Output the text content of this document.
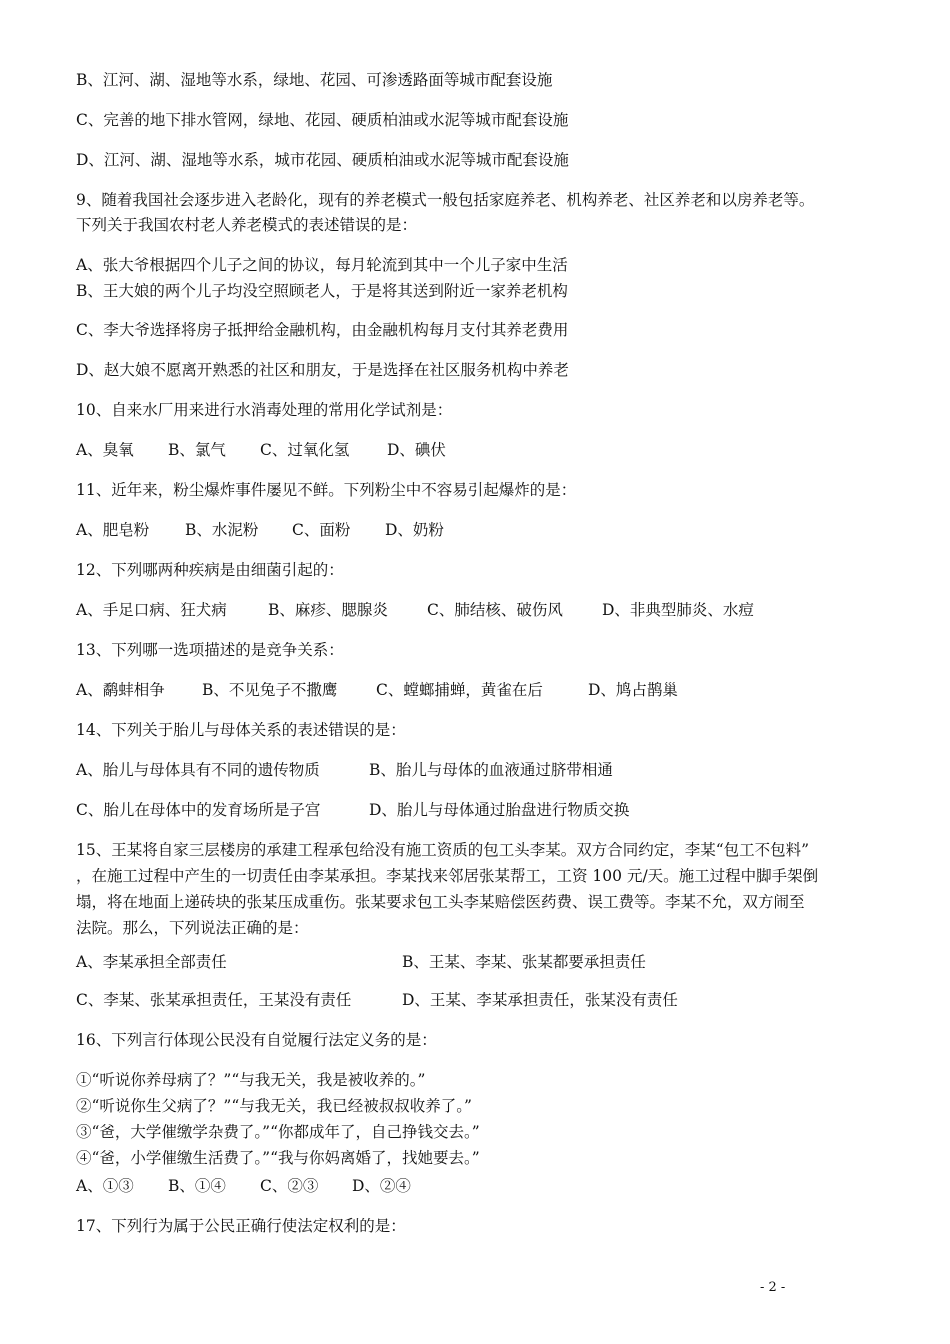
B、江河、湖、湿地等水系，绿地、花园、可渗透路面等城市配套设施
C、完善的地下排水管网，绿地、花园、硬质柏油或水泥等城市配套设施
D、江河、湖、湿地等水系，城市花园、硬质柏油或水泥等城市配套设施
9、随着我国社会逐步进入老龄化，现有的养老模式一般包括家庭养老、机构养老、社区养老和以房养老等。
下列关于我国农村老人养老模式的表述错误的是：
A、张大爷根据四个儿子之间的协议，每月轮流到其中一个儿子家中生活
B、王大娘的两个儿子均没空照顾老人，于是将其送到附近一家养老机构
C、李大爷选择将房子抵押给金融机构，由金融机构每月支付其养老费用
D、赵大娘不愿离开熟悉的社区和朋友，于是选择在社区服务机构中养老
10、自来水厂用来进行水消毒处理的常用化学试剂是：
A、臭氧 B、氯气 C、过氧化氢 D、碘伏
11、近年来，粉尘爆炸事件屡见不鲜。下列粉尘中不容易引起爆炸的是：
A、肥皂粉 B、水泥粉 C、面粉 D、奶粉
12、下列哪两种疾病是由细菌引起的：
A、手足口病、狂犬病	B、麻疹、腮腺炎	C、肺结核、破伤风	D、非典型肺炎、水痘
13、下列哪一选项描述的是竞争关系：
A、鹬蚌相争 B、不见兔子不撒鹰 C、螳螂捕蝉，黄雀在后	D、鸠占鹊巢
14、下列关于胎儿与母体关系的表述错误的是：
A、胎儿与母体具有不同的遗传物质	B、胎儿与母体的血液通过脐带相通
C、胎儿在母体中的发育场所是子宫	D、胎儿与母体通过胎盘进行物质交换
15、王某将自家三层楼房的承建工程承包给没有施工资质的包工头李某。双方合同约定，李某“包工不包料”
，在施工过程中产生的一切责任由李某承担。李某找来邻居张某帮工，工资 100 元/天。施工过程中脚手架倒
塌，将在地面上递砖块的张某压成重伤。张某要求包工头李某赔偿医药费、误工费等。李某不允，双方闹至
法院。那么，下列说法正确的是：
A、李某承担全部责任	B、王某、李某、张某都要承担责任
C、李某、张某承担责任，王某没有责任	D、王某、李某承担责任，张某没有责任
16、下列言行体现公民没有自觉履行法定义务的是：
①“听说你养母病了？”“与我无关，我是被收养的。”
②“听说你生父病了？”“与我无关，我已经被叔叔收养了。”
③“爸，大学催缴学杂费了。”“你都成年了，自己挣钱交去。”
④“爸，小学催缴生活费了。”“我与你妈离婚了，找她要去。”
A、①③ B、①④ C、②③ D、②④
17、下列行为属于公民正确行使法定权利的是：
- 2 -
